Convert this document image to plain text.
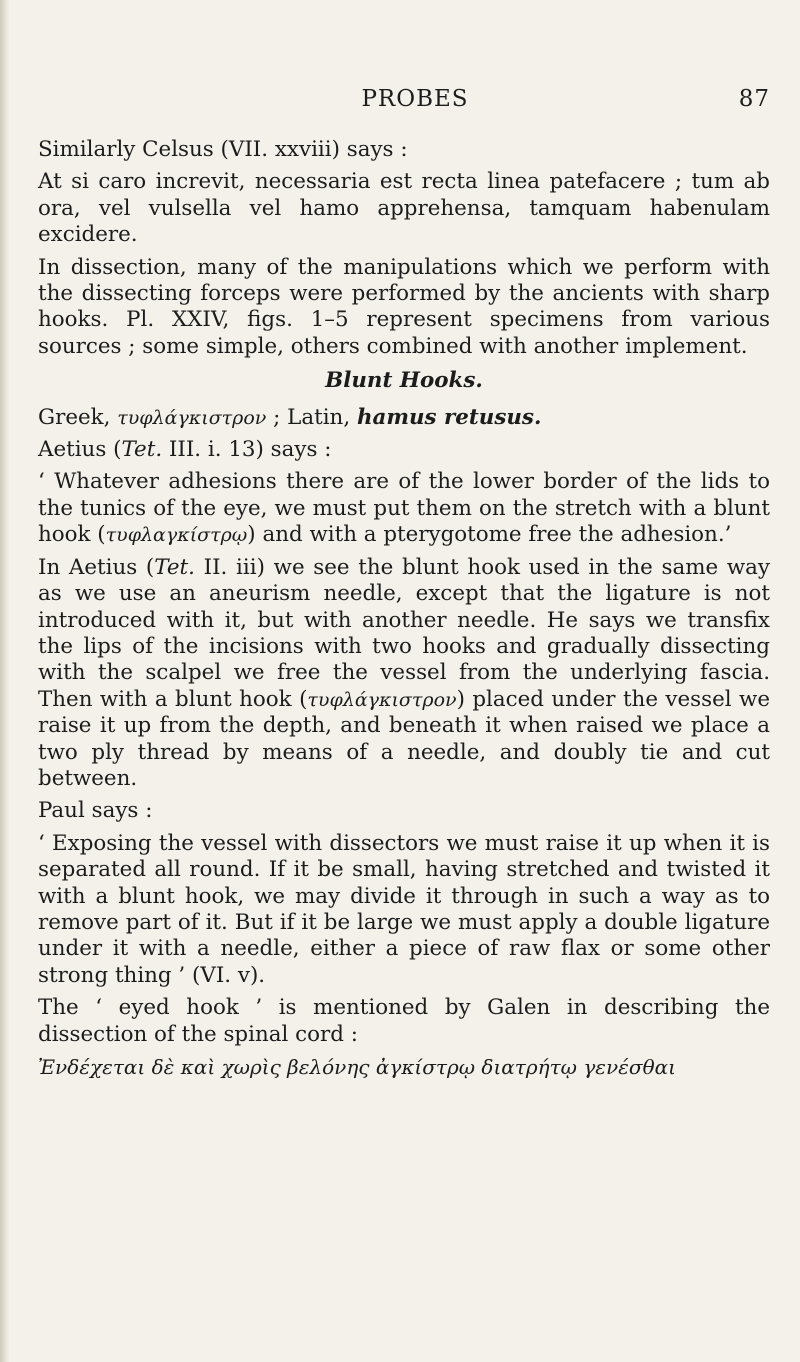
PROBES	87

Similarly Celsus (VII. xxviii) says :

At si caro increvit, necessaria est recta linea patefacere ; tum ab ora, vel vulsella vel hamo apprehensa, tamquam habenulam excidere.

In dissection, many of the manipulations which we perform with the dissecting forceps were performed by the ancients with sharp hooks. Pl. XXIV, figs. 1–5 represent specimens from various sources ; some simple, others combined with another implement.

Blunt Hooks.

Greek, τυφλάγκιστρον ; Latin, hamus retusus.

Aetius (Tet. III. i. 13) says :

‘ Whatever adhesions there are of the lower border of the lids to the tunics of the eye, we must put them on the stretch with a blunt hook (τυφλαγκίστρῳ) and with a pterygotome free the adhesion.’

In Aetius (Tet. II. iii) we see the blunt hook used in the same way as we use an aneurism needle, except that the ligature is not introduced with it, but with another needle. He says we transfix the lips of the incisions with two hooks and gradually dissecting with the scalpel we free the vessel from the underlying fascia. Then with a blunt hook (τυφλάγκιστρον) placed under the vessel we raise it up from the depth, and beneath it when raised we place a two ply thread by means of a needle, and doubly tie and cut between.

Paul says :

‘ Exposing the vessel with dissectors we must raise it up when it is separated all round. If it be small, having stretched and twisted it with a blunt hook, we may divide it through in such a way as to remove part of it. But if it be large we must apply a double ligature under it with a needle, either a piece of raw flax or some other strong thing ’ (VI. v).

The ‘ eyed hook ’ is mentioned by Galen in describing the dissection of the spinal cord :

Ἐνδέχεται δὲ καὶ χωρὶς βελόνης ἀγκίστρῳ διατρήτῳ γενέσθαι
